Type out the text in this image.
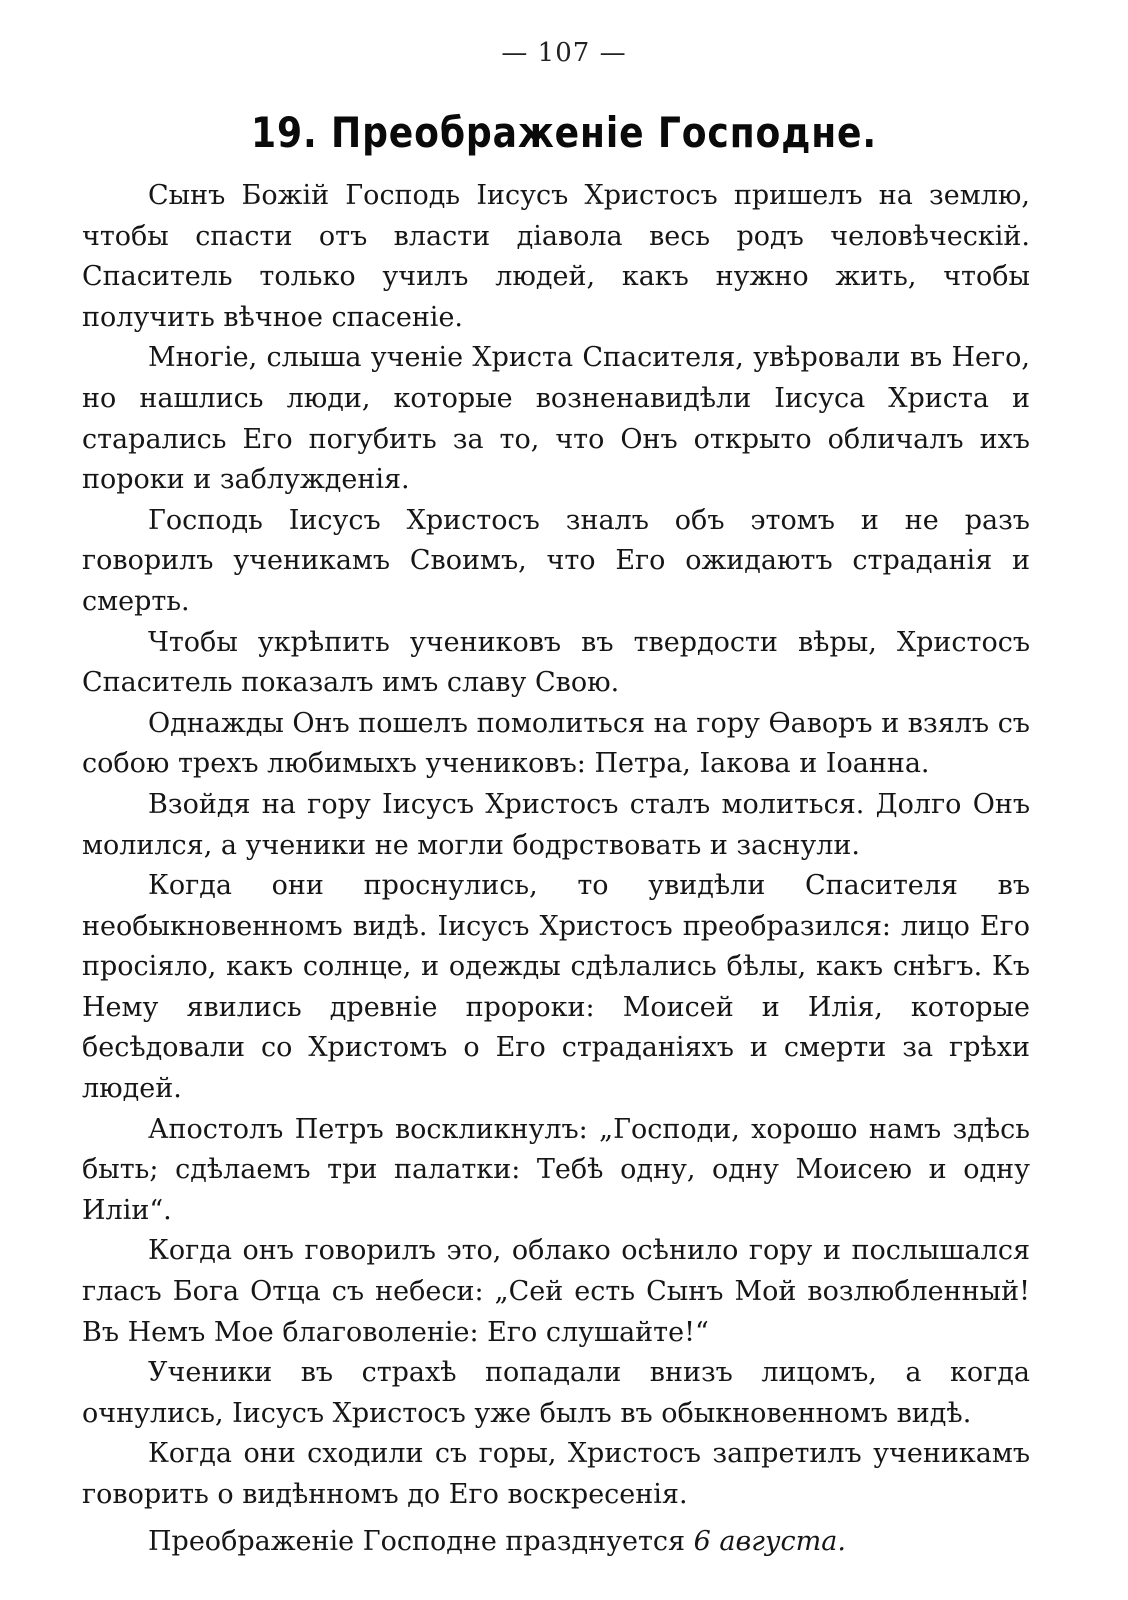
— 107 —
19. Преображеніе Господне.

Сынъ Божій Господь Іисусъ Христосъ пришелъ на землю, чтобы спасти отъ власти діавола весь родъ человѣческій. Спаситель только училъ людей, какъ нужно жить, чтобы получить вѣчное спасеніе.

Многіе, слыша ученіе Христа Спасителя, увѣровали въ Него, но нашлись люди, которые возненавидѣли Іисуса Христа и старались Его погубить за то, что Онъ открыто обличалъ ихъ пороки и заблужденія.

Господь Іисусъ Христосъ зналъ объ этомъ и не разъ говорилъ ученикамъ Своимъ, что Его ожидаютъ страданія и смерть.

Чтобы укрѣпить учениковъ въ твердости вѣры, Христосъ Спаситель показалъ имъ славу Свою.

Однажды Онъ пошелъ помолиться на гору Ѳаворъ и взялъ съ собою трехъ любимыхъ учениковъ: Петра, Іакова и Іоанна.

Взойдя на гору Іисусъ Христосъ сталъ молиться. Долго Онъ молился, а ученики не могли бодрствовать и заснули.

Когда они проснулись, то увидѣли Спасителя въ необыкновенномъ видѣ. Іисусъ Христосъ преобразился: лицо Его просіяло, какъ солнце, и одежды сдѣлались бѣлы, какъ снѣгъ. Къ Нему явились древніе пророки: Моисей и Илія, которые бесѣдовали со Христомъ о Его страданіяхъ и смерти за грѣхи людей.

Апостолъ Петръ воскликнулъ: „Господи, хорошо намъ здѣсь быть; сдѣлаемъ три палатки: Тебѣ одну, одну Моисею и одну Иліи“.

Когда онъ говорилъ это, облако осѣнило гору и послышался гласъ Бога Отца съ небеси: „Сей есть Сынъ Мой возлюбленный! Въ Немъ Мое благоволеніе: Его слушайте!“

Ученики въ страхѣ попадали внизъ лицомъ, а когда очнулись, Іисусъ Христосъ уже былъ въ обыкновенномъ видѣ.

Когда они сходили съ горы, Христосъ запретилъ ученикамъ говорить о видѣнномъ до Его воскресенія.

Преображеніе Господне празднуется 6 августа.
